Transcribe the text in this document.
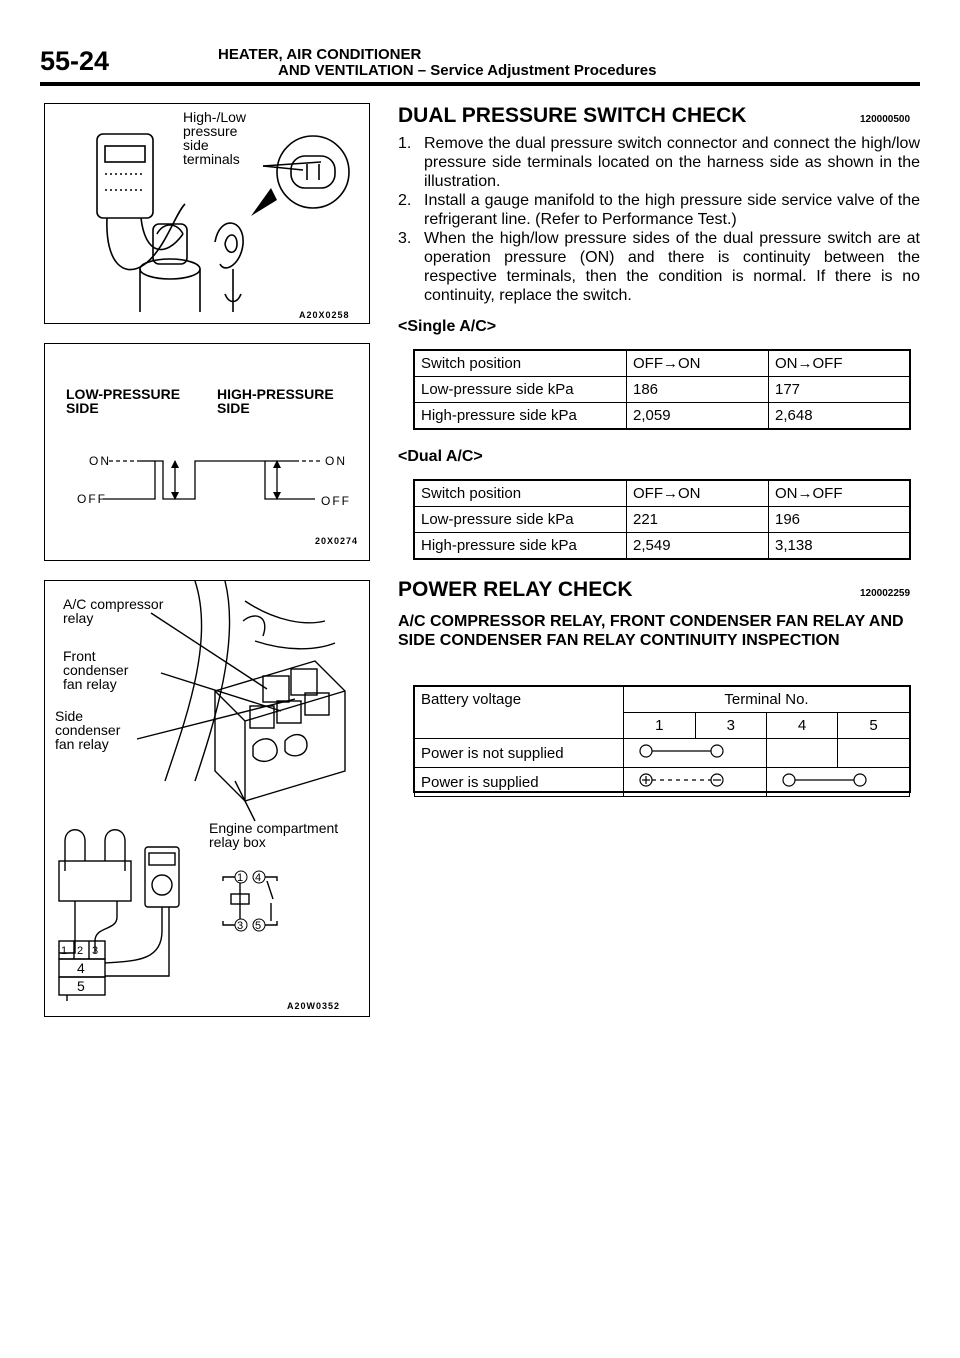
55-24	HEATER, AIR CONDITIONER
AND VENTILATION – Service Adjustment Procedures
High-/Low
pressure
side
terminals
A20X0258
LOW-PRESSURE
SIDE
HIGH-PRESSURE
SIDE
ON
OFF
ON
OFF
20X0274
1 4
3 5
A/C compressor
relay
Front
condenser
fan relay
Side
condenser
fan relay
Engine compartment
relay box
1 2 3
4
5
A20W0352
DUAL PRESSURE SWITCH CHECK	120000500
1. Remove the dual pressure switch connector and connect the high/low pressure side terminals located on the harness side as shown in the illustration.
2. Install a gauge manifold to the high pressure side service valve of the refrigerant line. (Refer to Performance Test.)
3. When the high/low pressure sides of the dual pressure switch are at operation pressure (ON) and there is continuity between the respective terminals, then the condition is normal. If there is no continuity, replace the switch.
<Single A/C>
Switch position	OFF→ON	ON→OFF
Low-pressure side kPa	186	177
High-pressure side kPa	2,059	2,648
<Dual A/C>
Switch position	OFF→ON	ON→OFF
Low-pressure side kPa	221	196
High-pressure side kPa	2,549	3,138
POWER RELAY CHECK	120002259
A/C COMPRESSOR RELAY, FRONT CONDENSER FAN RELAY AND SIDE CONDENSER FAN RELAY CONTINUITY INSPECTION
Battery voltage	Terminal No.			
	1	3	4	5
Power is not supplied			
Power is supplied		
